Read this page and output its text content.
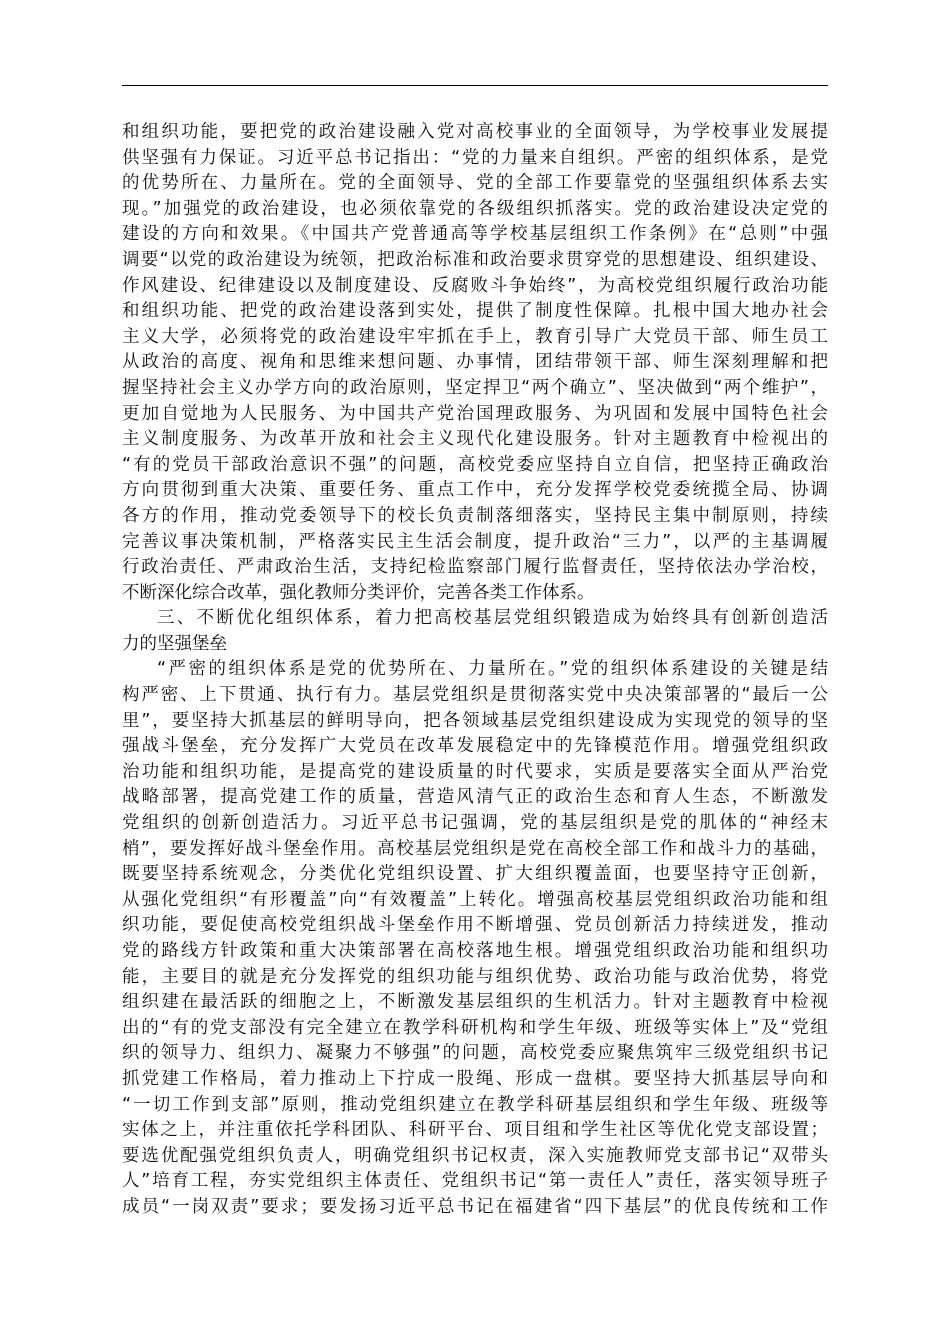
和组织功能，要把党的政治建设融入党对高校事业的全面领导，为学校事业发展提
供坚强有力保证。习近平总书记指出：“党的力量来自组织。严密的组织体系，是党
的优势所在、力量所在。党的全面领导、党的全部工作要靠党的坚强组织体系去实
现。”加强党的政治建设，也必须依靠党的各级组织抓落实。党的政治建设决定党的
建设的方向和效果。《中国共产党普通高等学校基层组织工作条例》在“总则”中强
调要“以党的政治建设为统领，把政治标准和政治要求贯穿党的思想建设、组织建设、
作风建设、纪律建设以及制度建设、反腐败斗争始终”，为高校党组织履行政治功能
和组织功能、把党的政治建设落到实处，提供了制度性保障。扎根中国大地办社会
主义大学，必须将党的政治建设牢牢抓在手上，教育引导广大党员干部、师生员工
从政治的高度、视角和思维来想问题、办事情，团结带领干部、师生深刻理解和把
握坚持社会主义办学方向的政治原则，坚定捍卫“两个确立”、坚决做到“两个维护”，
更加自觉地为人民服务、为中国共产党治国理政服务、为巩固和发展中国特色社会
主义制度服务、为改革开放和社会主义现代化建设服务。针对主题教育中检视出的
“有的党员干部政治意识不强”的问题，高校党委应坚持自立自信，把坚持正确政治
方向贯彻到重大决策、重要任务、重点工作中，充分发挥学校党委统揽全局、协调
各方的作用，推动党委领导下的校长负责制落细落实，坚持民主集中制原则，持续
完善议事决策机制，严格落实民主生活会制度，提升政治“三力”，以严的主基调履
行政治责任、严肃政治生活，支持纪检监察部门履行监督责任，坚持依法办学治校，
不断深化综合改革，强化教师分类评价，完善各类工作体系。
三、不断优化组织体系，着力把高校基层党组织锻造成为始终具有创新创造活
力的坚强堡垒
“严密的组织体系是党的优势所在、力量所在。”党的组织体系建设的关键是结
构严密、上下贯通、执行有力。基层党组织是贯彻落实党中央决策部署的“最后一公
里”，要坚持大抓基层的鲜明导向，把各领域基层党组织建设成为实现党的领导的坚
强战斗堡垒，充分发挥广大党员在改革发展稳定中的先锋模范作用。增强党组织政
治功能和组织功能，是提高党的建设质量的时代要求，实质是要落实全面从严治党
战略部署，提高党建工作的质量，营造风清气正的政治生态和育人生态，不断激发
党组织的创新创造活力。习近平总书记强调，党的基层组织是党的肌体的“神经末
梢”，要发挥好战斗堡垒作用。高校基层党组织是党在高校全部工作和战斗力的基础，
既要坚持系统观念，分类优化党组织设置、扩大组织覆盖面，也要坚持守正创新，
从强化党组织“有形覆盖”向“有效覆盖”上转化。增强高校基层党组织政治功能和组
织功能，要促使高校党组织战斗堡垒作用不断增强、党员创新活力持续迸发，推动
党的路线方针政策和重大决策部署在高校落地生根。增强党组织政治功能和组织功
能，主要目的就是充分发挥党的组织功能与组织优势、政治功能与政治优势，将党
组织建在最活跃的细胞之上，不断激发基层组织的生机活力。针对主题教育中检视
出的“有的党支部没有完全建立在教学科研机构和学生年级、班级等实体上”及“党组
织的领导力、组织力、凝聚力不够强”的问题，高校党委应聚焦筑牢三级党组织书记
抓党建工作格局，着力推动上下拧成一股绳、形成一盘棋。要坚持大抓基层导向和
“一切工作到支部”原则，推动党组织建立在教学科研基层组织和学生年级、班级等
实体之上，并注重依托学科团队、科研平台、项目组和学生社区等优化党支部设置；
要选优配强党组织负责人，明确党组织书记权责，深入实施教师党支部书记“双带头
人”培育工程，夯实党组织主体责任、党组织书记“第一责任人”责任，落实领导班子
成员“一岗双责”要求；要发扬习近平总书记在福建省“四下基层”的优良传统和工作
